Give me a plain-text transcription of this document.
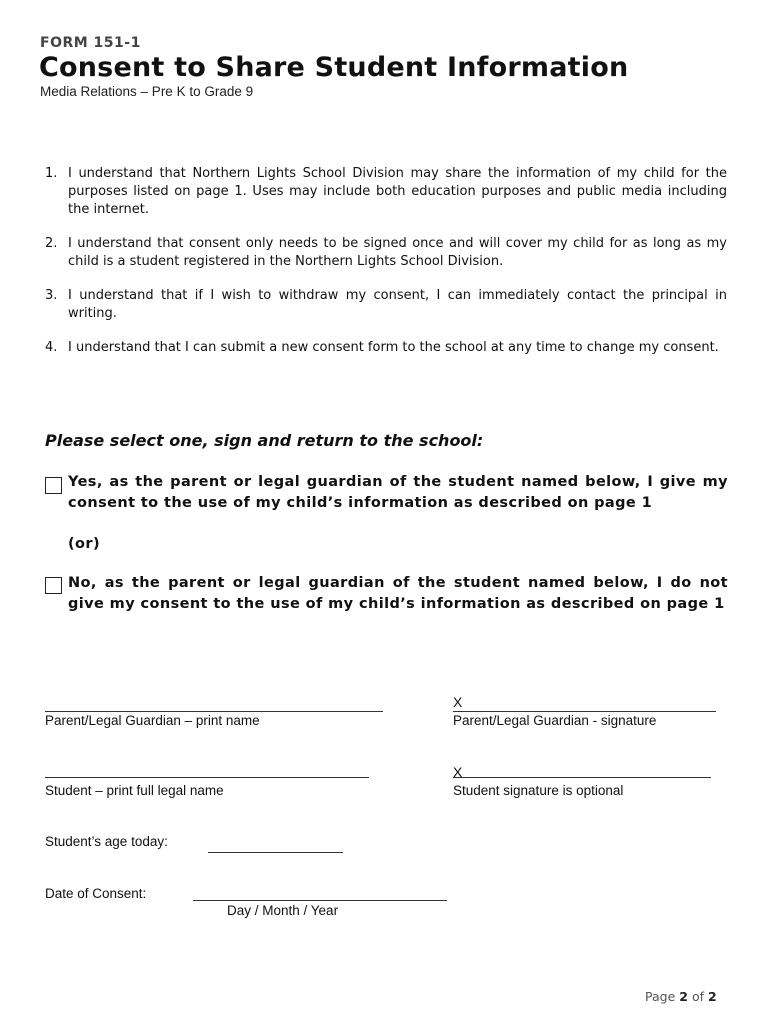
FORM 151-1
Consent to Share Student Information
Media Relations – Pre K to Grade 9
1. I understand that Northern Lights School Division may share the information of my child for the purposes listed on page 1. Uses may include both education purposes and public media including the internet.
2. I understand that consent only needs to be signed once and will cover my child for as long as my child is a student registered in the Northern Lights School Division.
3. I understand that if I wish to withdraw my consent, I can immediately contact the principal in writing.
4. I understand that I can submit a new consent form to the school at any time to change my consent.
Please select one, sign and return to the school:
Yes, as the parent or legal guardian of the student named below, I give my consent to the use of my child’s information as described on page 1
(or)
No, as the parent or legal guardian of the student named below, I do not give my consent to the use of my child’s information as described on page 1
Parent/Legal Guardian – print name
X
Parent/Legal Guardian - signature
Student – print full legal name
X
Student signature is optional
Student’s age today:
Date of Consent:
Day / Month / Year
Page 2 of 2
